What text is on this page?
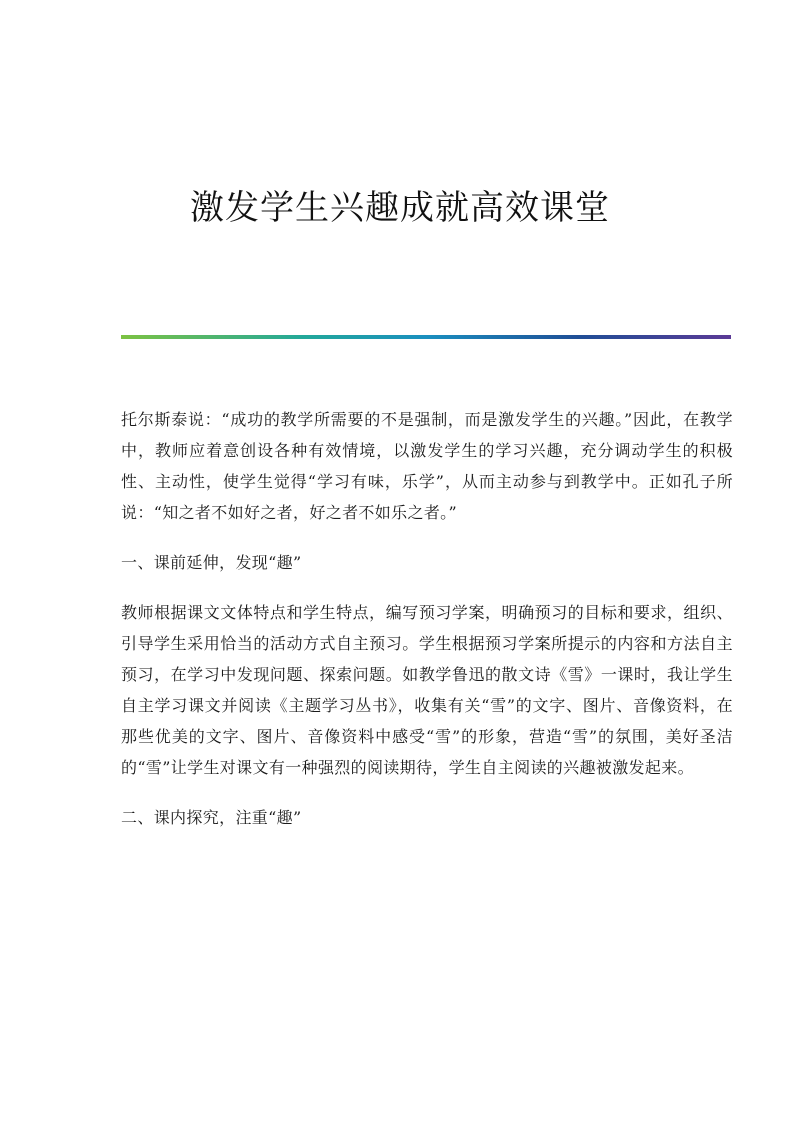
激发学生兴趣成就高效课堂

托尔斯泰说：“成功的教学所需要的不是强制，而是激发学生的兴趣。”因此，在教学中，教师应着意创设各种有效情境，以激发学生的学习兴趣，充分调动学生的积极性、主动性，使学生觉得“学习有味，乐学”，从而主动参与到教学中。正如孔子所说：“知之者不如好之者，好之者不如乐之者。”

一、课前延伸，发现“趣”

教师根据课文文体特点和学生特点，编写预习学案，明确预习的目标和要求，组织、引导学生采用恰当的活动方式自主预习。学生根据预习学案所提示的内容和方法自主预习，在学习中发现问题、探索问题。如教学鲁迅的散文诗《雪》一课时，我让学生自主学习课文并阅读《主题学习丛书》，收集有关“雪”的文字、图片、音像资料，在那些优美的文字、图片、音像资料中感受“雪”的形象，营造“雪”的氛围，美好圣洁的“雪”让学生对课文有一种强烈的阅读期待，学生自主阅读的兴趣被激发起来。

二、课内探究，注重“趣”
